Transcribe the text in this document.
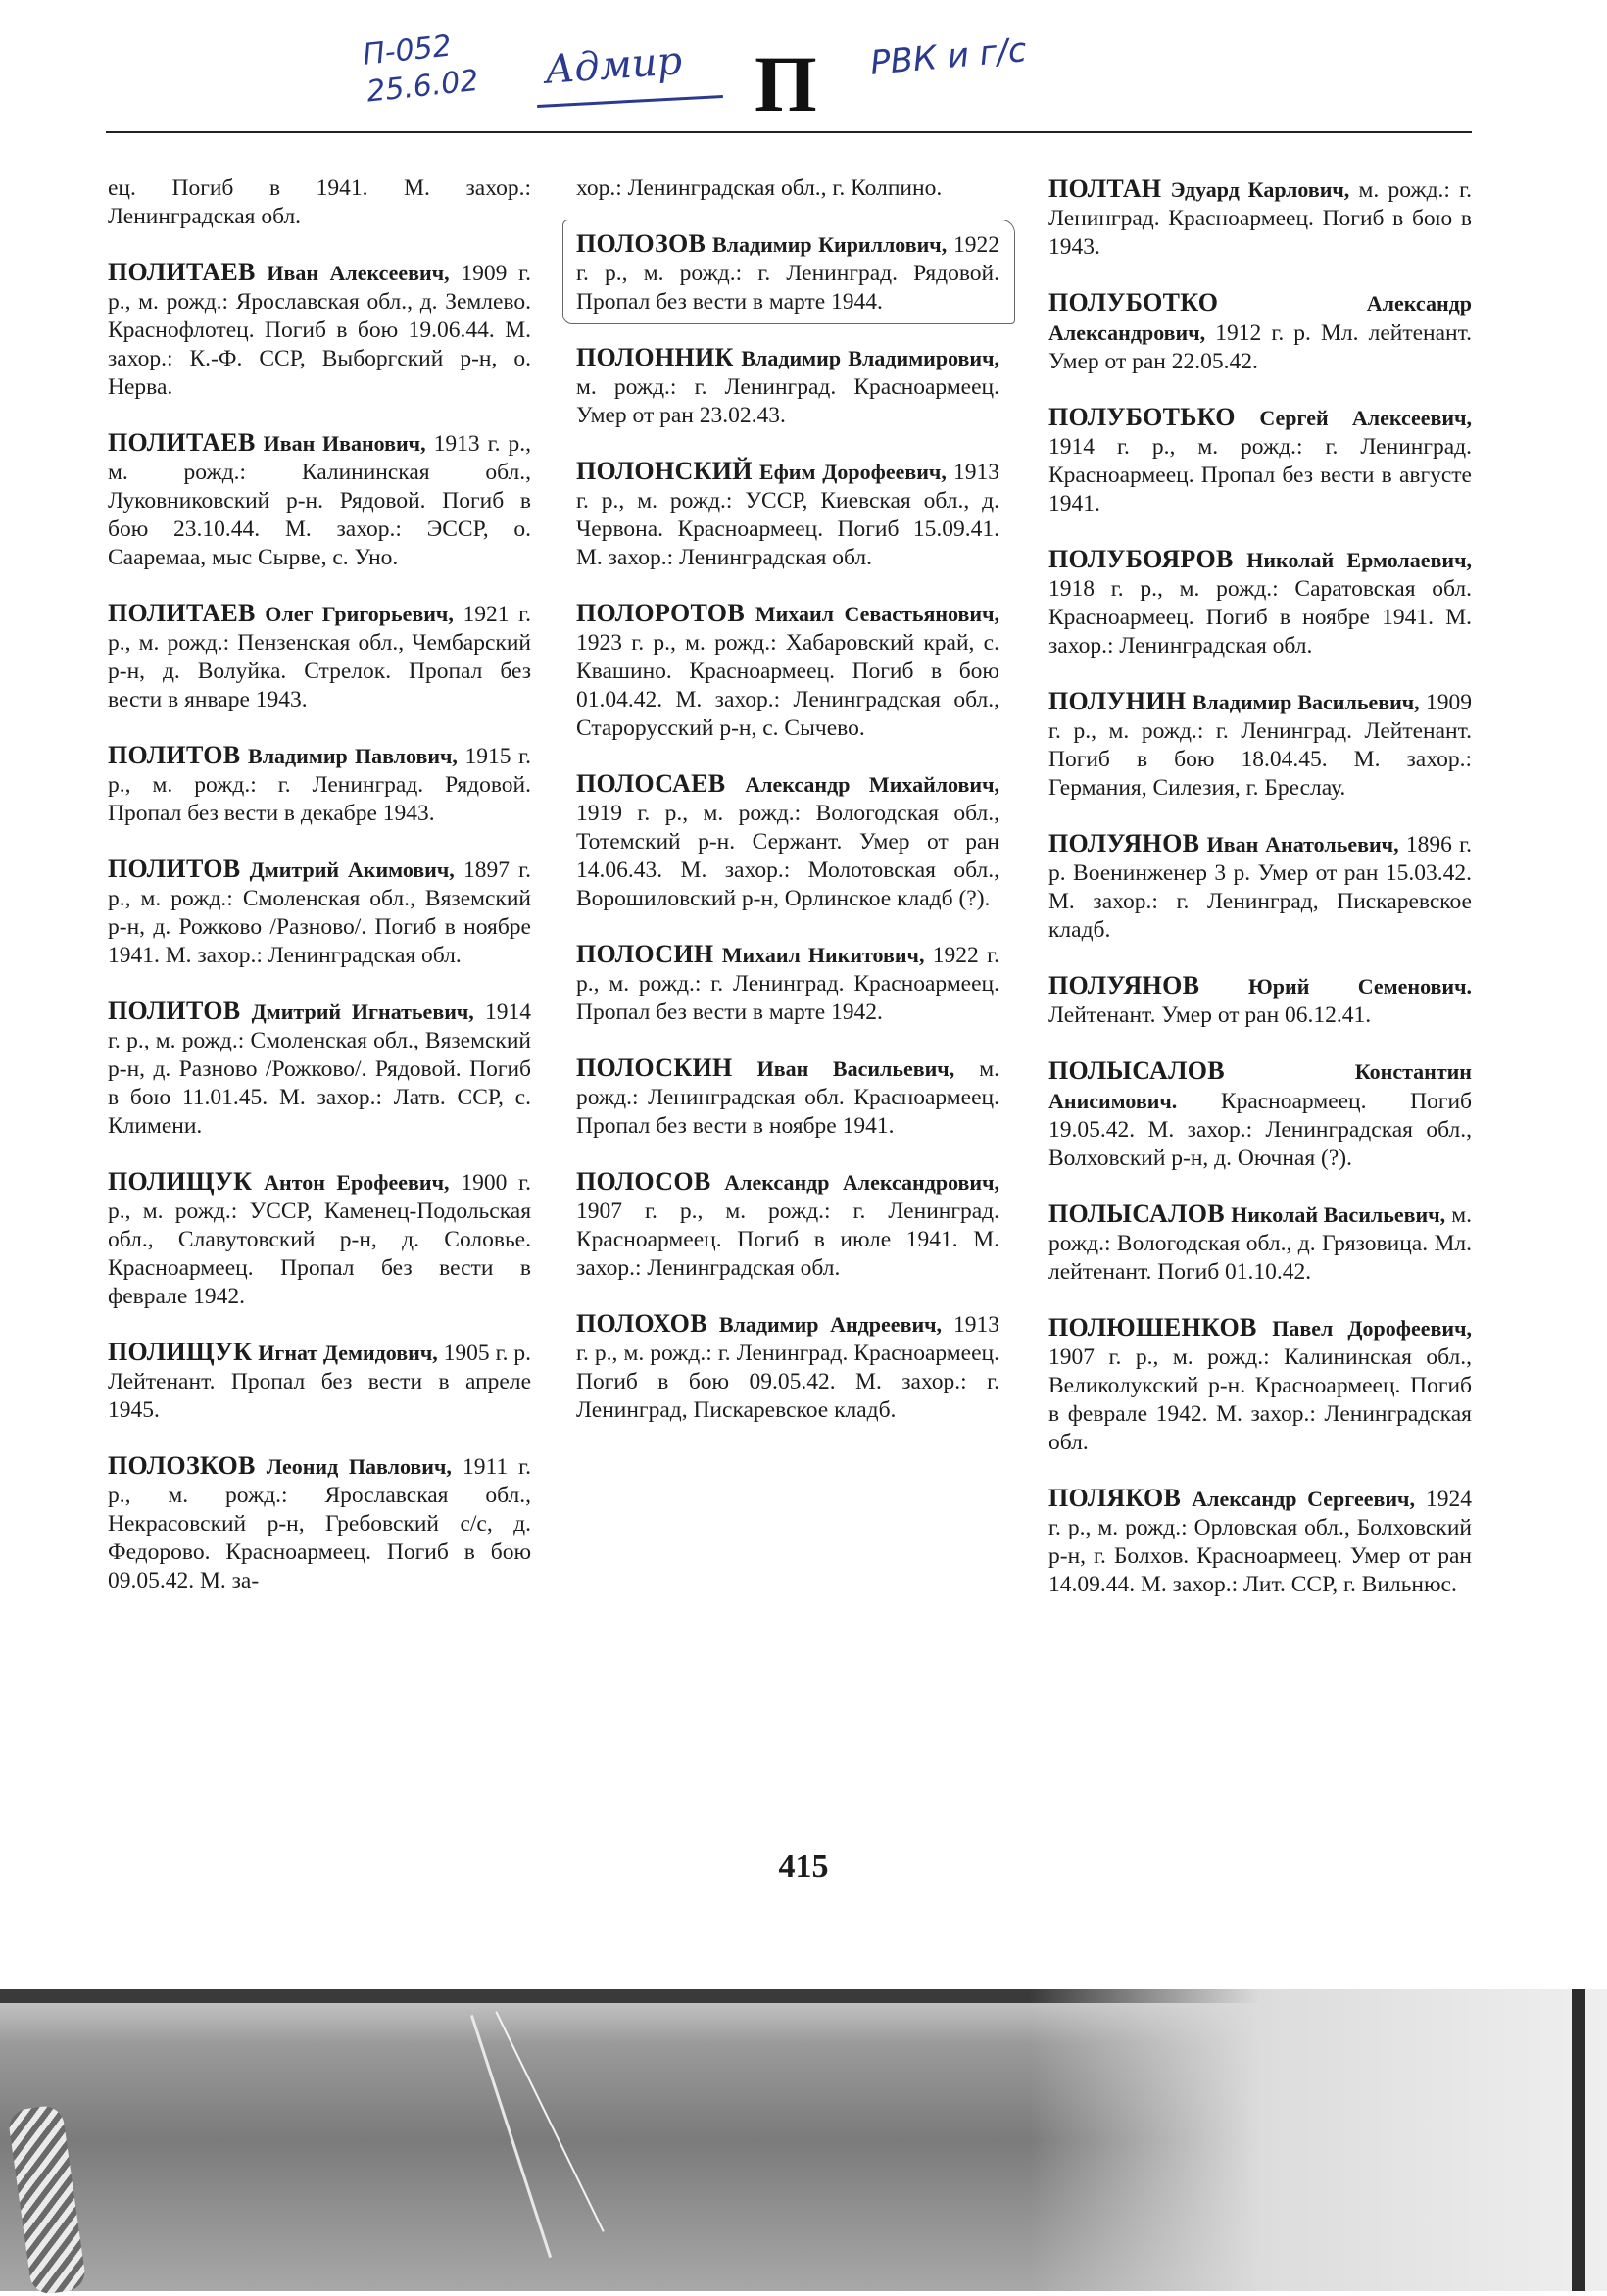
П-052
25.6.02	Адмир П РВК и г/с

ец. Погиб в 1941. М. захор.: Ленинградская обл.

ПОЛИТАЕВ Иван Алексеевич, 1909 г. р., м. рожд.: Ярославская обл., д. Землево. Краснофлотец. Погиб в бою 19.06.44. М. захор.: К.-Ф. ССР, Выборгский р-н, о. Нерва.

ПОЛИТАЕВ Иван Иванович, 1913 г. р., м. рожд.: Калининская обл., Луковниковский р-н. Рядовой. Погиб в бою 23.10.44. М. захор.: ЭССР, о. Сааремаа, мыс Сырве, с. Уно.

ПОЛИТАЕВ Олег Григорьевич, 1921 г. р., м. рожд.: Пензенская обл., Чембарский р-н, д. Волуйка. Стрелок. Пропал без вести в январе 1943.

ПОЛИТОВ Владимир Павлович, 1915 г. р., м. рожд.: г. Ленинград. Рядовой. Пропал без вести в декабре 1943.

ПОЛИТОВ Дмитрий Акимович, 1897 г. р., м. рожд.: Смоленская обл., Вяземский р-н, д. Рожково /Разново/. Погиб в ноябре 1941. М. захор.: Ленинградская обл.

ПОЛИТОВ Дмитрий Игнатьевич, 1914 г. р., м. рожд.: Смоленская обл., Вяземский р-н, д. Разново /Рожково/. Рядовой. Погиб в бою 11.01.45. М. захор.: Латв. ССР, с. Климени.

ПОЛИЩУК Антон Ерофеевич, 1900 г. р., м. рожд.: УССР, Каменец-Подольская обл., Славутовский р-н, д. Соловье. Красноармеец. Пропал без вести в феврале 1942.

ПОЛИЩУК Игнат Демидович, 1905 г. р. Лейтенант. Пропал без вести в апреле 1945.

ПОЛОЗКОВ Леонид Павлович, 1911 г. р., м. рожд.: Ярославская обл., Некрасовский р-н, Гребовский с/с, д. Федорово. Красноармеец. Погиб в бою 09.05.42. М. за-

хор.: Ленинградская обл., г. Колпино.

ПОЛОЗОВ Владимир Кириллович, 1922 г. р., м. рожд.: г. Ленинград. Рядовой. Пропал без вести в марте 1944.

ПОЛОННИК Владимир Владимирович, м. рожд.: г. Ленинград. Красноармеец. Умер от ран 23.02.43.

ПОЛОНСКИЙ Ефим Дорофеевич, 1913 г. р., м. рожд.: УССР, Киевская обл., д. Червона. Красноармеец. Погиб 15.09.41. М. захор.: Ленинградская обл.

ПОЛОРОТОВ Михаил Севастьянович, 1923 г. р., м. рожд.: Хабаровский край, с. Квашино. Красноармеец. Погиб в бою 01.04.42. М. захор.: Ленинградская обл., Старорусский р-н, с. Сычево.

ПОЛОСАЕВ Александр Михайлович, 1919 г. р., м. рожд.: Вологодская обл., Тотемский р-н. Сержант. Умер от ран 14.06.43. М. захор.: Молотовская обл., Ворошиловский р-н, Орлинское кладб (?).

ПОЛОСИН Михаил Никитович, 1922 г. р., м. рожд.: г. Ленинград. Красноармеец. Пропал без вести в марте 1942.

ПОЛОСКИН Иван Васильевич, м. рожд.: Ленинградская обл. Красноармеец. Пропал без вести в ноябре 1941.

ПОЛОСОВ Александр Александрович, 1907 г. р., м. рожд.: г. Ленинград. Красноармеец. Погиб в июле 1941. М. захор.: Ленинградская обл.

ПОЛОХОВ Владимир Андреевич, 1913 г. р., м. рожд.: г. Ленинград. Красноармеец. Погиб в бою 09.05.42. М. захор.: г. Ленинград, Пискаревское кладб.

ПОЛТАН Эдуард Карлович, м. рожд.: г. Ленинград. Красноармеец. Погиб в бою в 1943.

ПОЛУБОТКО	Александр Александрович, 1912 г. р. Мл. лейтенант. Умер от ран 22.05.42.

ПОЛУБОТЬКО Сергей Алексеевич, 1914 г. р., м. рожд.: г. Ленинград. Красноармеец. Пропал без вести в августе 1941.

ПОЛУБОЯРОВ Николай Ермолаевич, 1918 г. р., м. рожд.: Саратовская обл. Красноармеец. Погиб в ноябре 1941. М. захор.: Ленинградская обл.

ПОЛУНИН Владимир Васильевич, 1909 г. р., м. рожд.: г. Ленинград. Лейтенант. Погиб в бою 18.04.45. М. захор.: Германия, Силезия, г. Бреслау.

ПОЛУЯНОВ Иван Анатольевич, 1896 г. р. Военинженер 3 р. Умер от ран 15.03.42. М. захор.: г. Ленинград, Пискаревское кладб.

ПОЛУЯНОВ Юрий Семенович. Лейтенант. Умер от ран 06.12.41.

ПОЛЫСАЛОВ	Константин Анисимович. Красноармеец. Погиб 19.05.42. М. захор.: Ленинградская обл., Волховский р-н, д. Оючная (?).

ПОЛЫСАЛОВ Николай Васильевич, м. рожд.: Вологодская обл., д. Грязовица. Мл. лейтенант. Погиб 01.10.42.

ПОЛЮШЕНКОВ Павел Дорофеевич, 1907 г. р., м. рожд.: Калининская обл., Великолукский р-н. Красноармеец. Погиб в феврале 1942. М. захор.: Ленинградская обл.

ПОЛЯКОВ Александр Сергеевич, 1924 г. р., м. рожд.: Орловская обл., Болховский р-н, г. Болхов. Красноармеец. Умер от ран 14.09.44. М. захор.: Лит. ССР, г. Вильнюс.

415
